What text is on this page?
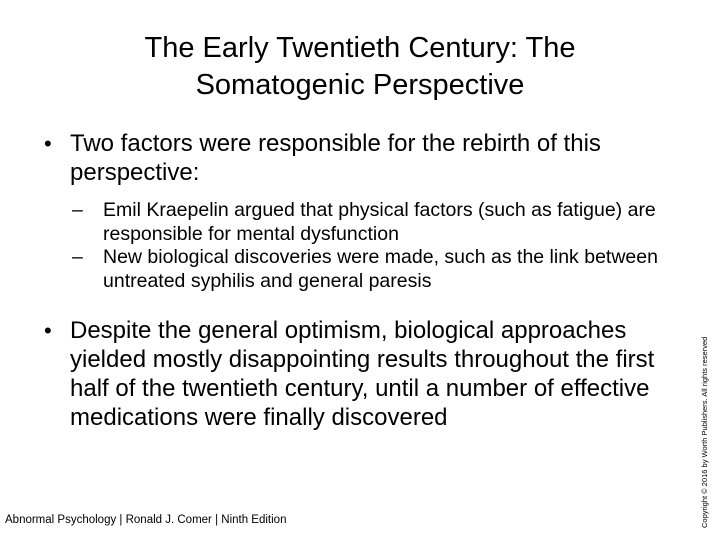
The Early Twentieth Century: The
Somatogenic Perspective
• Two factors were responsible for the rebirth of this perspective:
–	Emil Kraepelin argued that physical factors (such as fatigue) are responsible for mental dysfunction
–	New biological discoveries were made, such as the link between untreated syphilis and general paresis
• Despite the general optimism, biological approaches yielded mostly disappointing results throughout the first half of the twentieth century, until a number of effective medications were finally discovered
Abnormal Psychology | Ronald J. Comer | Ninth Edition	Copyright © 2016 by Worth Publishers. All rights reserved
